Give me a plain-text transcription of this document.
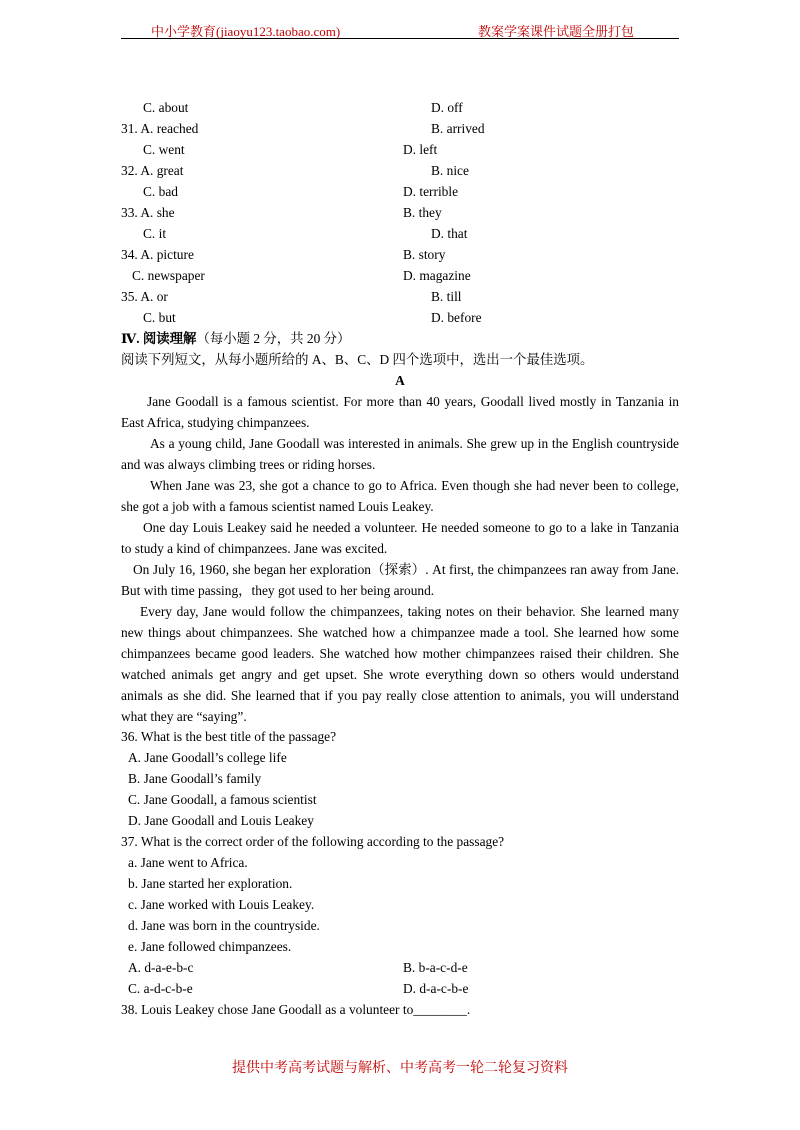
中小学教育(jiaoyu123.taobao.com)	教案学案课件试题全册打包
C. about	D. off
31. A. reached	B. arrived
C. went	D. left
32. A. great	B. nice
C. bad	D. terrible
33. A. she	B. they
C. it	D. that
34. A. picture	B. story
C. newspaper	D. magazine
35. A. or	B. till
C. but	D. before
Ⅳ. 阅读理解（每小题 2 分，共 20 分）
阅读下列短文，从每小题所给的 A、B、C、D 四个选项中，选出一个最佳选项。
A
Jane Goodall is a famous scientist. For more than 40 years, Goodall lived mostly in Tanzania in East Africa, studying chimpanzees.
As a young child, Jane Goodall was interested in animals. She grew up in the English countryside and was always climbing trees or riding horses.
When Jane was 23, she got a chance to go to Africa. Even though she had never been to college, she got a job with a famous scientist named Louis Leakey.
One day Louis Leakey said he needed a volunteer. He needed someone to go to a lake in Tanzania to study a kind of chimpanzees. Jane was excited.
On July 16, 1960, she began her exploration（探索）. At first, the chimpanzees ran away from Jane. But with time passing，they got used to her being around.
Every day, Jane would follow the chimpanzees, taking notes on their behavior. She learned many new things about chimpanzees. She watched how a chimpanzee made a tool. She learned how some chimpanzees became good leaders. She watched how mother chimpanzees raised their children. She watched animals get angry and get upset. She wrote everything down so others would understand animals as she did. She learned that if you pay really close attention to animals, you will understand what they are “saying”.
36. What is the best title of the passage?
A. Jane Goodall’s college life
B. Jane Goodall’s family
C. Jane Goodall, a famous scientist
D. Jane Goodall and Louis Leakey
37. What is the correct order of the following according to the passage?
a. Jane went to Africa.
b. Jane started her exploration.
c. Jane worked with Louis Leakey.
d. Jane was born in the countryside.
e. Jane followed chimpanzees.
A. d-a-e-b-c	B. b-a-c-d-e
C. a-d-c-b-e	D. d-a-c-b-e
38. Louis Leakey chose Jane Goodall as a volunteer to________.
提供中考高考试题与解析、中考高考一轮二轮复习资料
